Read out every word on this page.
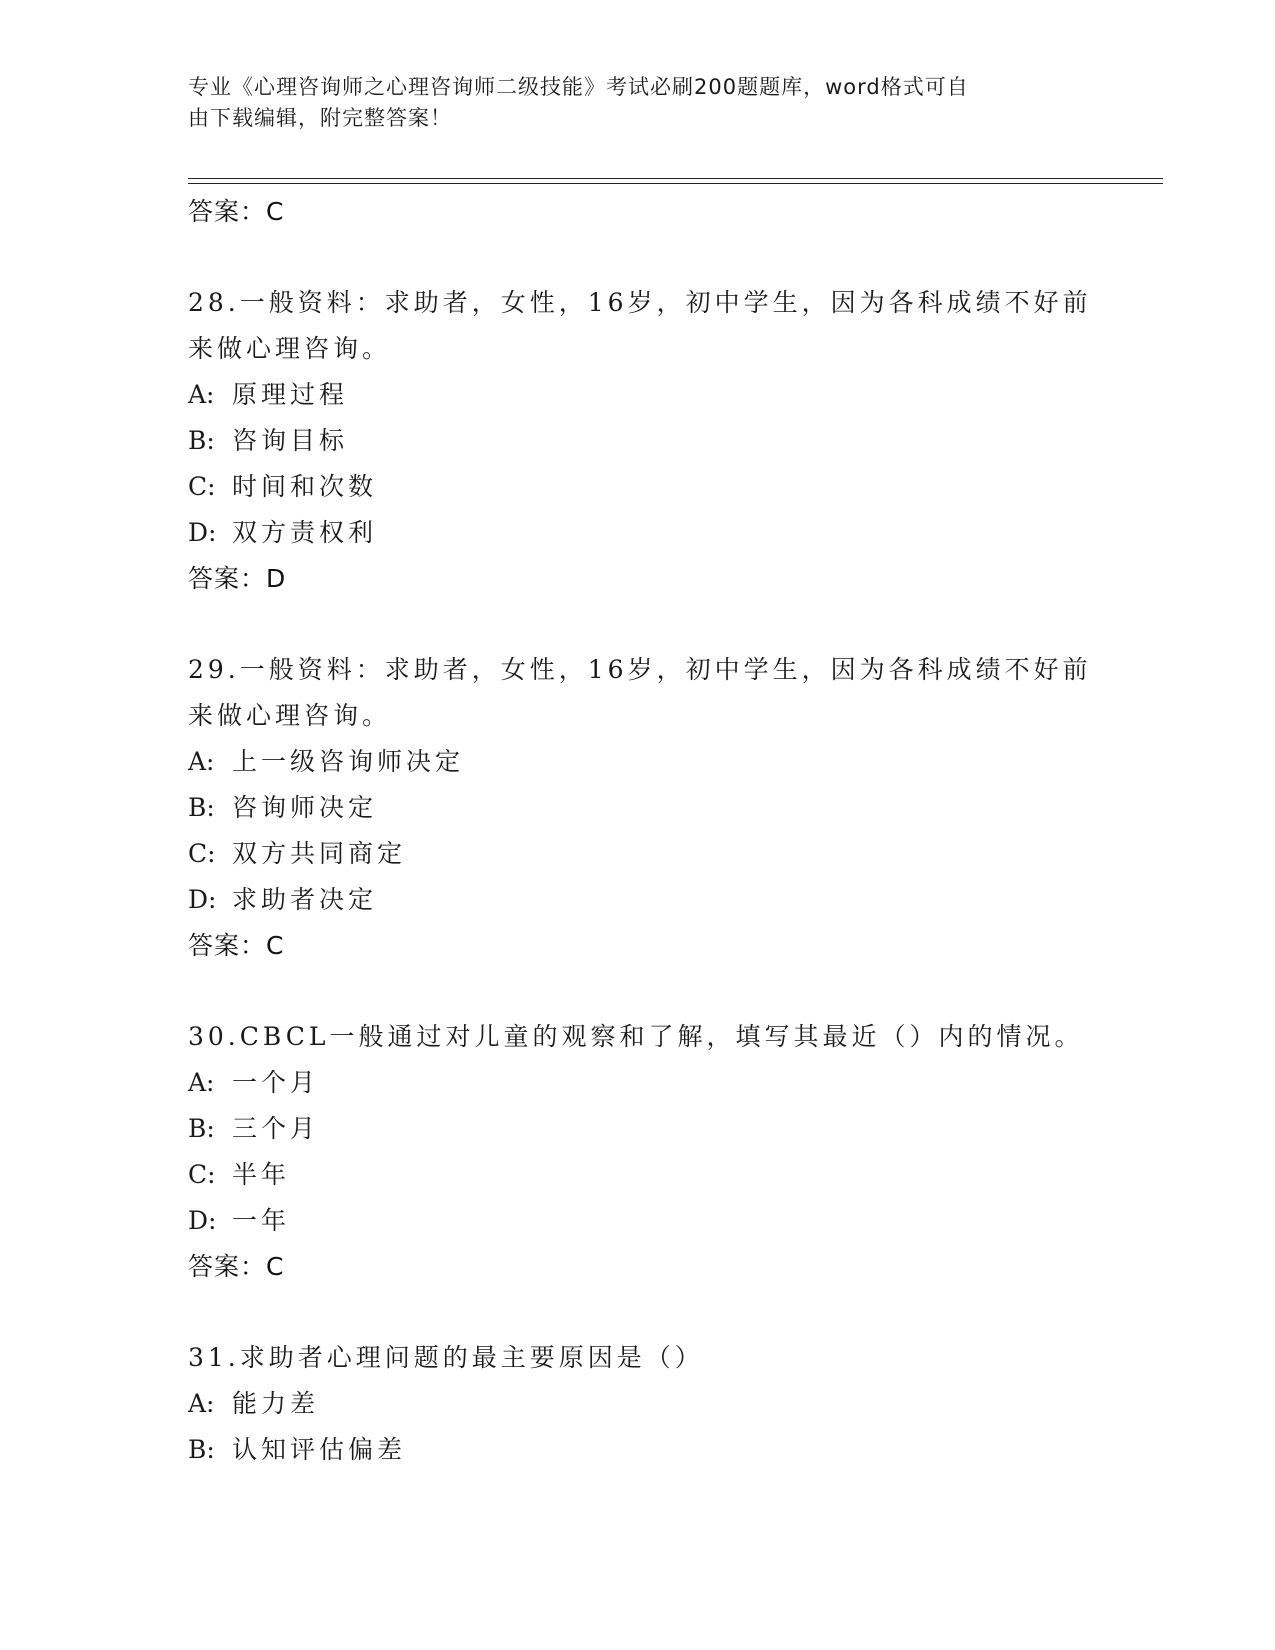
专业《心理咨询师之心理咨询师二级技能》考试必刷200题题库，word格式可自
由下载编辑，附完整答案！
答案：C
28.一般资料：求助者，女性，16岁，初中学生，因为各科成绩不好前
来做心理咨询。
A: 原理过程
B: 咨询目标
C: 时间和次数
D: 双方责权利
答案：D
29.一般资料：求助者，女性，16岁，初中学生，因为各科成绩不好前
来做心理咨询。
A: 上一级咨询师决定
B: 咨询师决定
C: 双方共同商定
D: 求助者决定
答案：C
30.CBCL一般通过对儿童的观察和了解，填写其最近（）内的情况。
A: 一个月
B: 三个月
C: 半年
D: 一年
答案：C
31.求助者心理问题的最主要原因是（）
A: 能力差
B: 认知评估偏差
